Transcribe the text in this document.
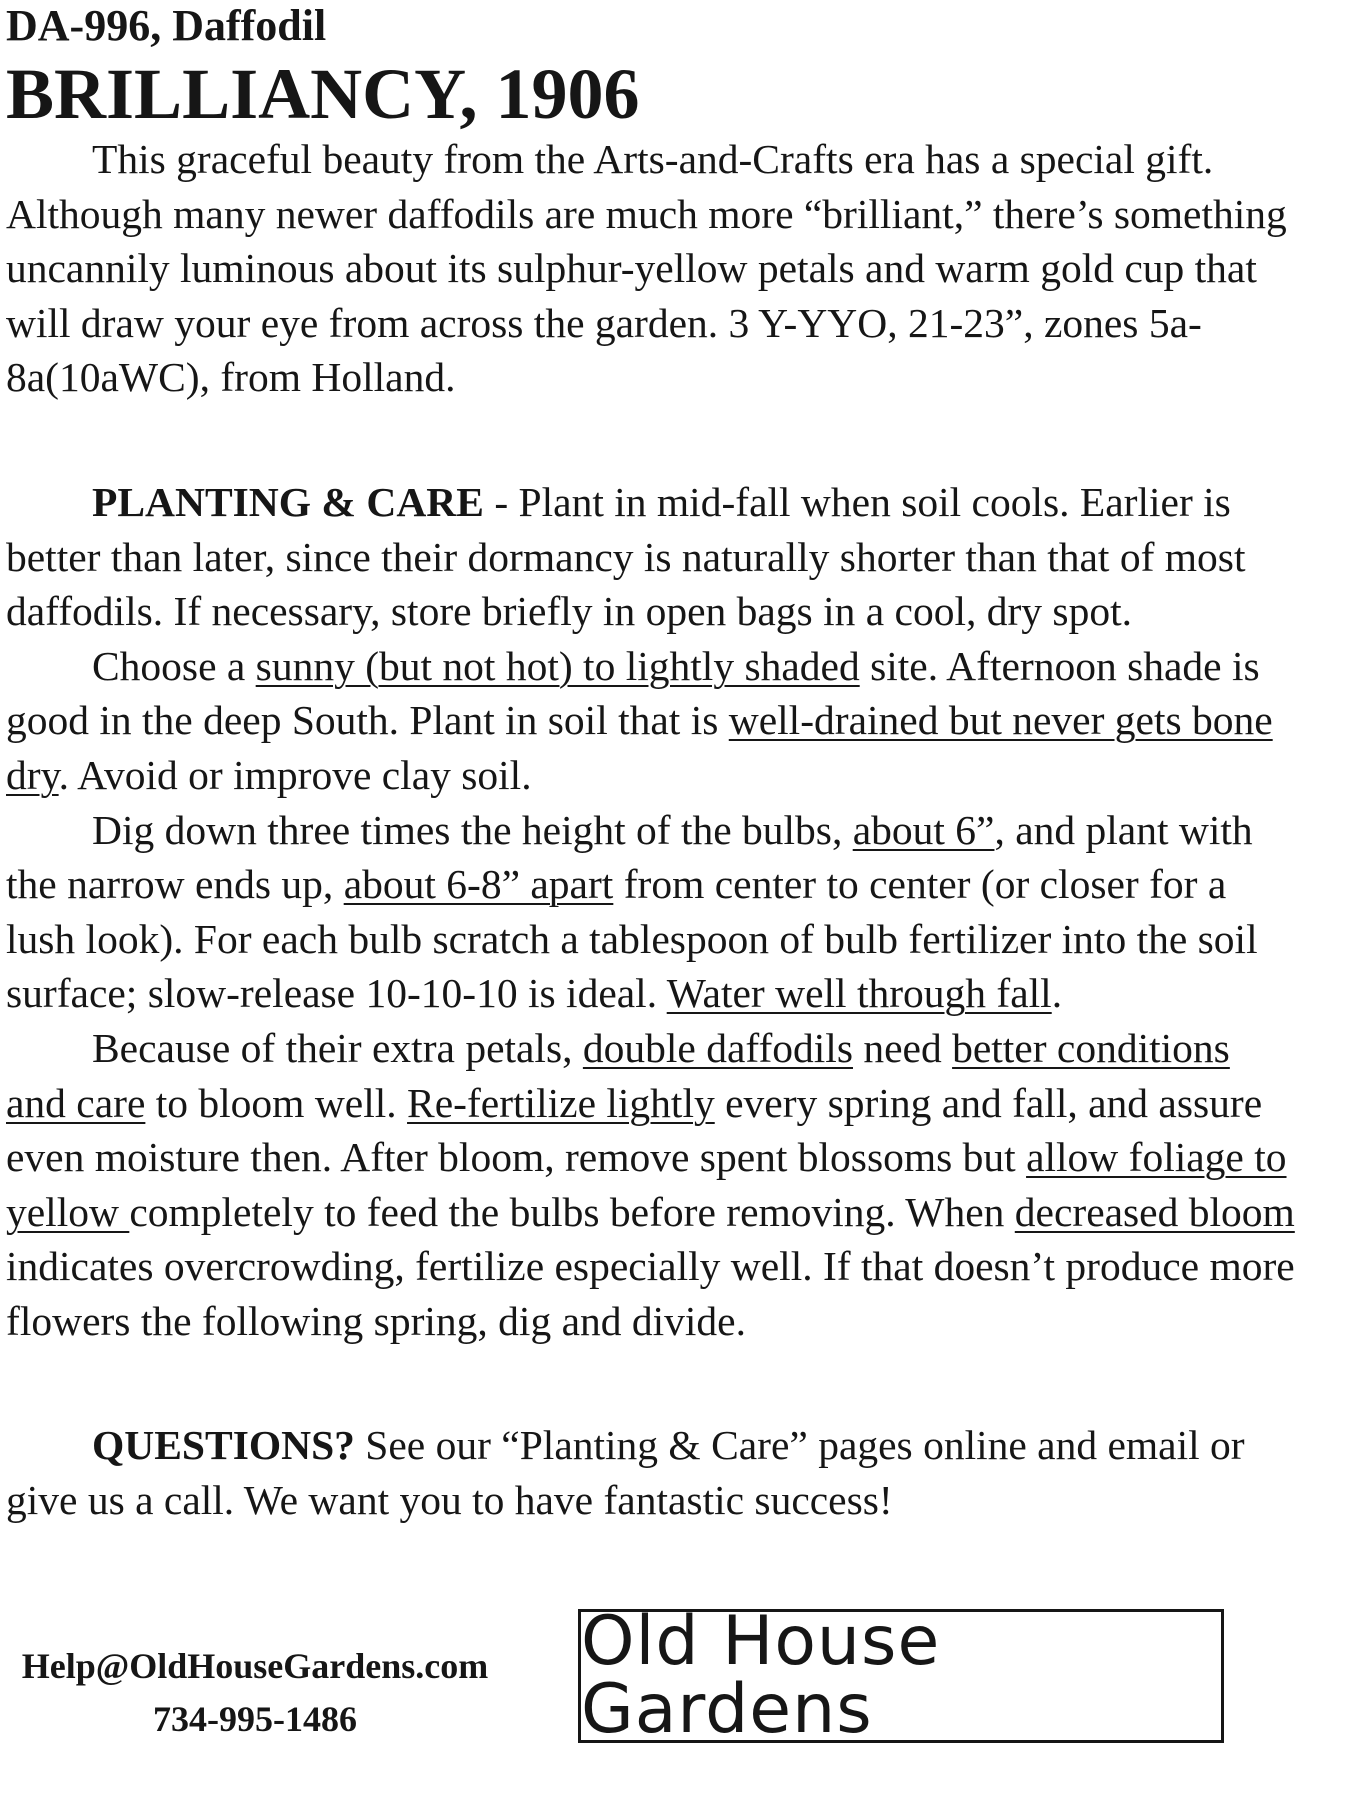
DA-996, Daffodil

BRILLIANCY, 1906

This graceful beauty from the Arts-and-Crafts era has a special gift. Although many newer daffodils are much more “brilliant,” there’s something uncannily luminous about its sulphur-yellow petals and warm gold cup that will draw your eye from across the garden. 3 Y-YYO, 21-23”, zones 5a-8a(10aWC), from Holland.

PLANTING & CARE - Plant in mid-fall when soil cools. Earlier is better than later, since their dormancy is naturally shorter than that of most daffodils. If necessary, store briefly in open bags in a cool, dry spot.

Choose a sunny (but not hot) to lightly shaded site. Afternoon shade is good in the deep South. Plant in soil that is well-drained but never gets bone dry. Avoid or improve clay soil.

Dig down three times the height of the bulbs, about 6”, and plant with the narrow ends up, about 6-8” apart from center to center (or closer for a lush look). For each bulb scratch a tablespoon of bulb fertilizer into the soil surface; slow-release 10-10-10 is ideal. Water well through fall.

Because of their extra petals, double daffodils need better conditions and care to bloom well. Re-fertilize lightly every spring and fall, and assure even moisture then. After bloom, remove spent blossoms but allow foliage to yellow completely to feed the bulbs before removing. When decreased bloom indicates overcrowding, fertilize especially well. If that doesn’t produce more flowers the following spring, dig and divide.

QUESTIONS? See our “Planting & Care” pages online and email or give us a call. We want you to have fantastic success!

Help@OldHouseGardens.com
734-995-1486
Old House Gardens
